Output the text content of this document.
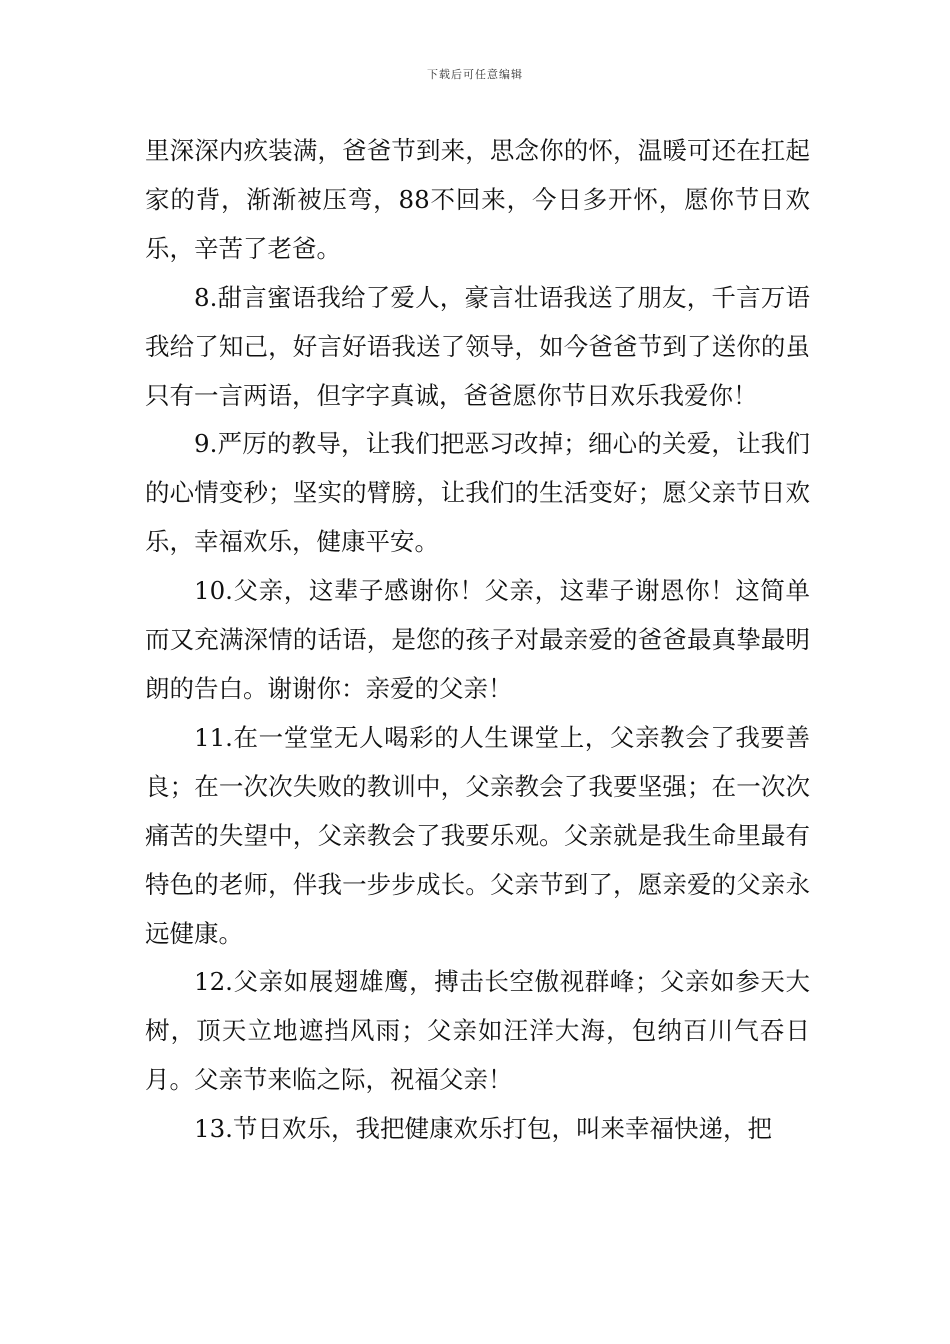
下载后可任意编辑

里深深内疚装满，爸爸节到来，思念你的怀，温暖可还在扛起家的背，渐渐被压弯，88不回来，今日多开怀，愿你节日欢乐，辛苦了老爸。

8.甜言蜜语我给了爱人，豪言壮语我送了朋友，千言万语我给了知己，好言好语我送了领导，如今爸爸节到了送你的虽只有一言两语，但字字真诚，爸爸愿你节日欢乐我爱你！

9.严厉的教导，让我们把恶习改掉；细心的关爱，让我们的心情变秒；坚实的臂膀，让我们的生活变好；愿父亲节日欢乐，幸福欢乐，健康平安。

10.父亲，这辈子感谢你！父亲，这辈子谢恩你！这简单而又充满深情的话语，是您的孩子对最亲爱的爸爸最真挚最明朗的告白。谢谢你：亲爱的父亲！

11.在一堂堂无人喝彩的人生课堂上，父亲教会了我要善良；在一次次失败的教训中，父亲教会了我要坚强；在一次次痛苦的失望中，父亲教会了我要乐观。父亲就是我生命里最有特色的老师，伴我一步步成长。父亲节到了，愿亲爱的父亲永远健康。

12.父亲如展翅雄鹰，搏击长空傲视群峰；父亲如参天大树，顶天立地遮挡风雨；父亲如汪洋大海，包纳百川气吞日月。父亲节来临之际，祝福父亲！

13.节日欢乐，我把健康欢乐打包，叫来幸福快递，把
